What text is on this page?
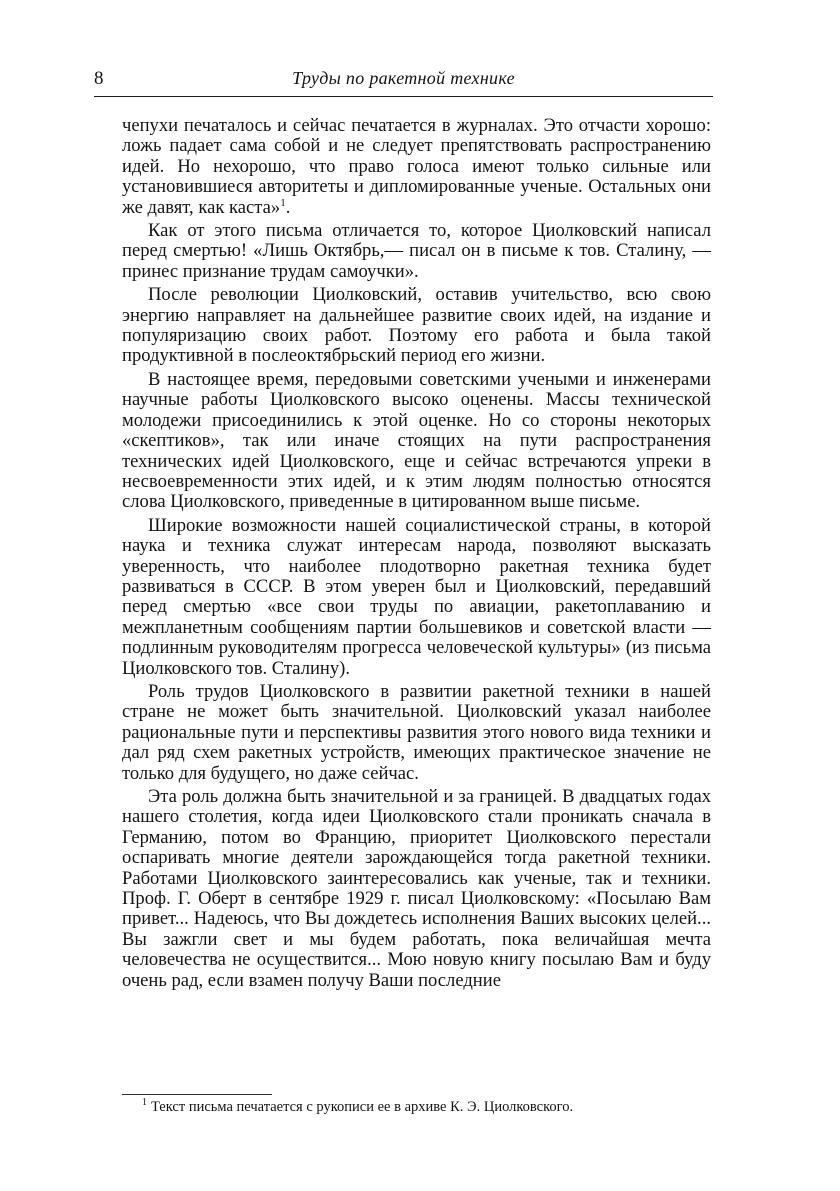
8	Труды по ракетной технике

чепухи печаталось и сейчас печатается в журналах. Это отчасти хорошо: ложь падает сама собой и не следует препятствовать распространению идей. Но нехорошо, что право голоса имеют только сильные или установившиеся авторитеты и дипломированные ученые. Остальных они же давят, как каста»$^1$.

Как от этого письма отличается то, которое Циолковский написал перед смертью! «Лишь Октябрь,— писал он в письме к тов. Сталину, — принес признание трудам самоучки».

После революции Циолковский, оставив учительство, всю свою энергию направляет на дальнейшее развитие своих идей, на издание и популяризацию своих работ. Поэтому его работа и была такой продуктивной в послеоктябрьский период его жизни.

В настоящее время, передовыми советскими учеными и инженерами научные работы Циолковского высоко оценены. Массы технической молодежи присоединились к этой оценке. Но со стороны некоторых «скептиков», так или иначе стоящих на пути распространения технических идей Циолковского, еще и сейчас встречаются упреки в несвоевременности этих идей, и к этим людям полностью относятся слова Циолковского, приведенные в цитированном выше письме.

Широкие возможности нашей социалистической страны, в которой наука и техника служат интересам народа, позволяют высказать уверенность, что наиболее плодотворно ракетная техника будет развиваться в СССР. В этом уверен был и Циолковский, передавший перед смертью «все свои труды по авиации, ракетоплаванию и межпланетным сообщениям партии большевиков и советской власти — подлинным руководителям прогресса человеческой культуры» (из письма Циолковского тов. Сталину).

Роль трудов Циолковского в развитии ракетной техники в нашей стране не может быть значительной. Циолковский указал наиболее рациональные пути и перспективы развития этого нового вида техники и дал ряд схем ракетных устройств, имеющих практическое значение не только для будущего, но даже сейчас.

Эта роль должна быть значительной и за границей. В двадцатых годах нашего столетия, когда идеи Циолковского стали проникать сначала в Германию, потом во Францию, приоритет Циолковского перестали оспаривать многие деятели зарождающейся тогда ракетной техники. Работами Циолковского заинтересовались как ученые, так и техники. Проф. Г. Оберт в сентябре 1929 г. писал Циолковскому: «Посылаю Вам привет... Надеюсь, что Вы дождетесь исполнения Ваших высоких целей... Вы зажгли свет и мы будем работать, пока величайшая мечта человечества не осуществится... Мою новую книгу посылаю Вам и буду очень рад, если взамен получу Ваши последние

$^1$ Текст письма печатается с рукописи ее в архиве К. Э. Циолковского.
